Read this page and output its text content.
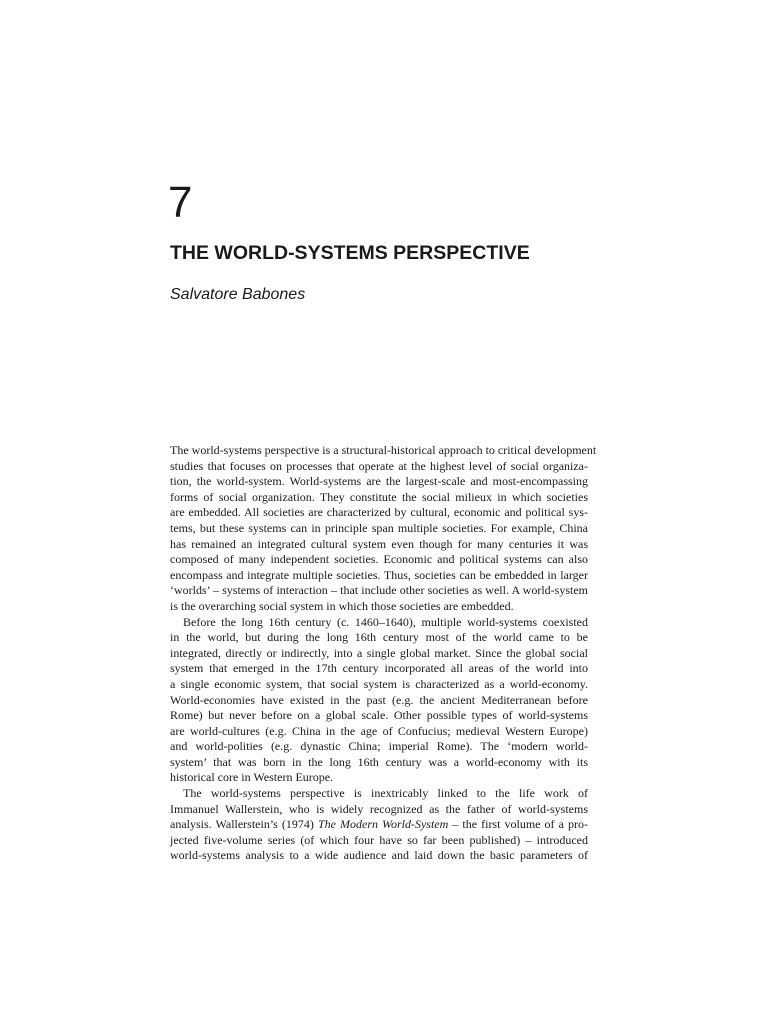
7
THE WORLD-SYSTEMS PERSPECTIVE

Salvatore Babones

The world-systems perspective is a structural-historical approach to critical development
studies that focuses on processes that operate at the highest level of social organiza-
tion, the world-system. World-systems are the largest-scale and most-encompassing
forms of social organization. They constitute the social milieux in which societies
are embedded. All societies are characterized by cultural, economic and political sys-
tems, but these systems can in principle span multiple societies. For example, China
has remained an integrated cultural system even though for many centuries it was
composed of many independent societies. Economic and political systems can also
encompass and integrate multiple societies. Thus, societies can be embedded in larger
‘worlds’ – systems of interaction – that include other societies as well. A world-system
is the overarching social system in which those societies are embedded.
Before the long 16th century (c. 1460–1640), multiple world-systems coexisted
in the world, but during the long 16th century most of the world came to be
integrated, directly or indirectly, into a single global market. Since the global social
system that emerged in the 17th century incorporated all areas of the world into
a single economic system, that social system is characterized as a world-economy.
World-economies have existed in the past (e.g. the ancient Mediterranean before
Rome) but never before on a global scale. Other possible types of world-systems
are world-cultures (e.g. China in the age of Confucius; medieval Western Europe)
and world-polities (e.g. dynastic China; imperial Rome). The ‘modern world-
system’ that was born in the long 16th century was a world-economy with its
historical core in Western Europe.
The world-systems perspective is inextricably linked to the life work of
Immanuel Wallerstein, who is widely recognized as the father of world-systems
analysis. Wallerstein’s (1974) The Modern World-System – the first volume of a pro-
jected five-volume series (of which four have so far been published) – introduced
world-systems analysis to a wide audience and laid down the basic parameters of
